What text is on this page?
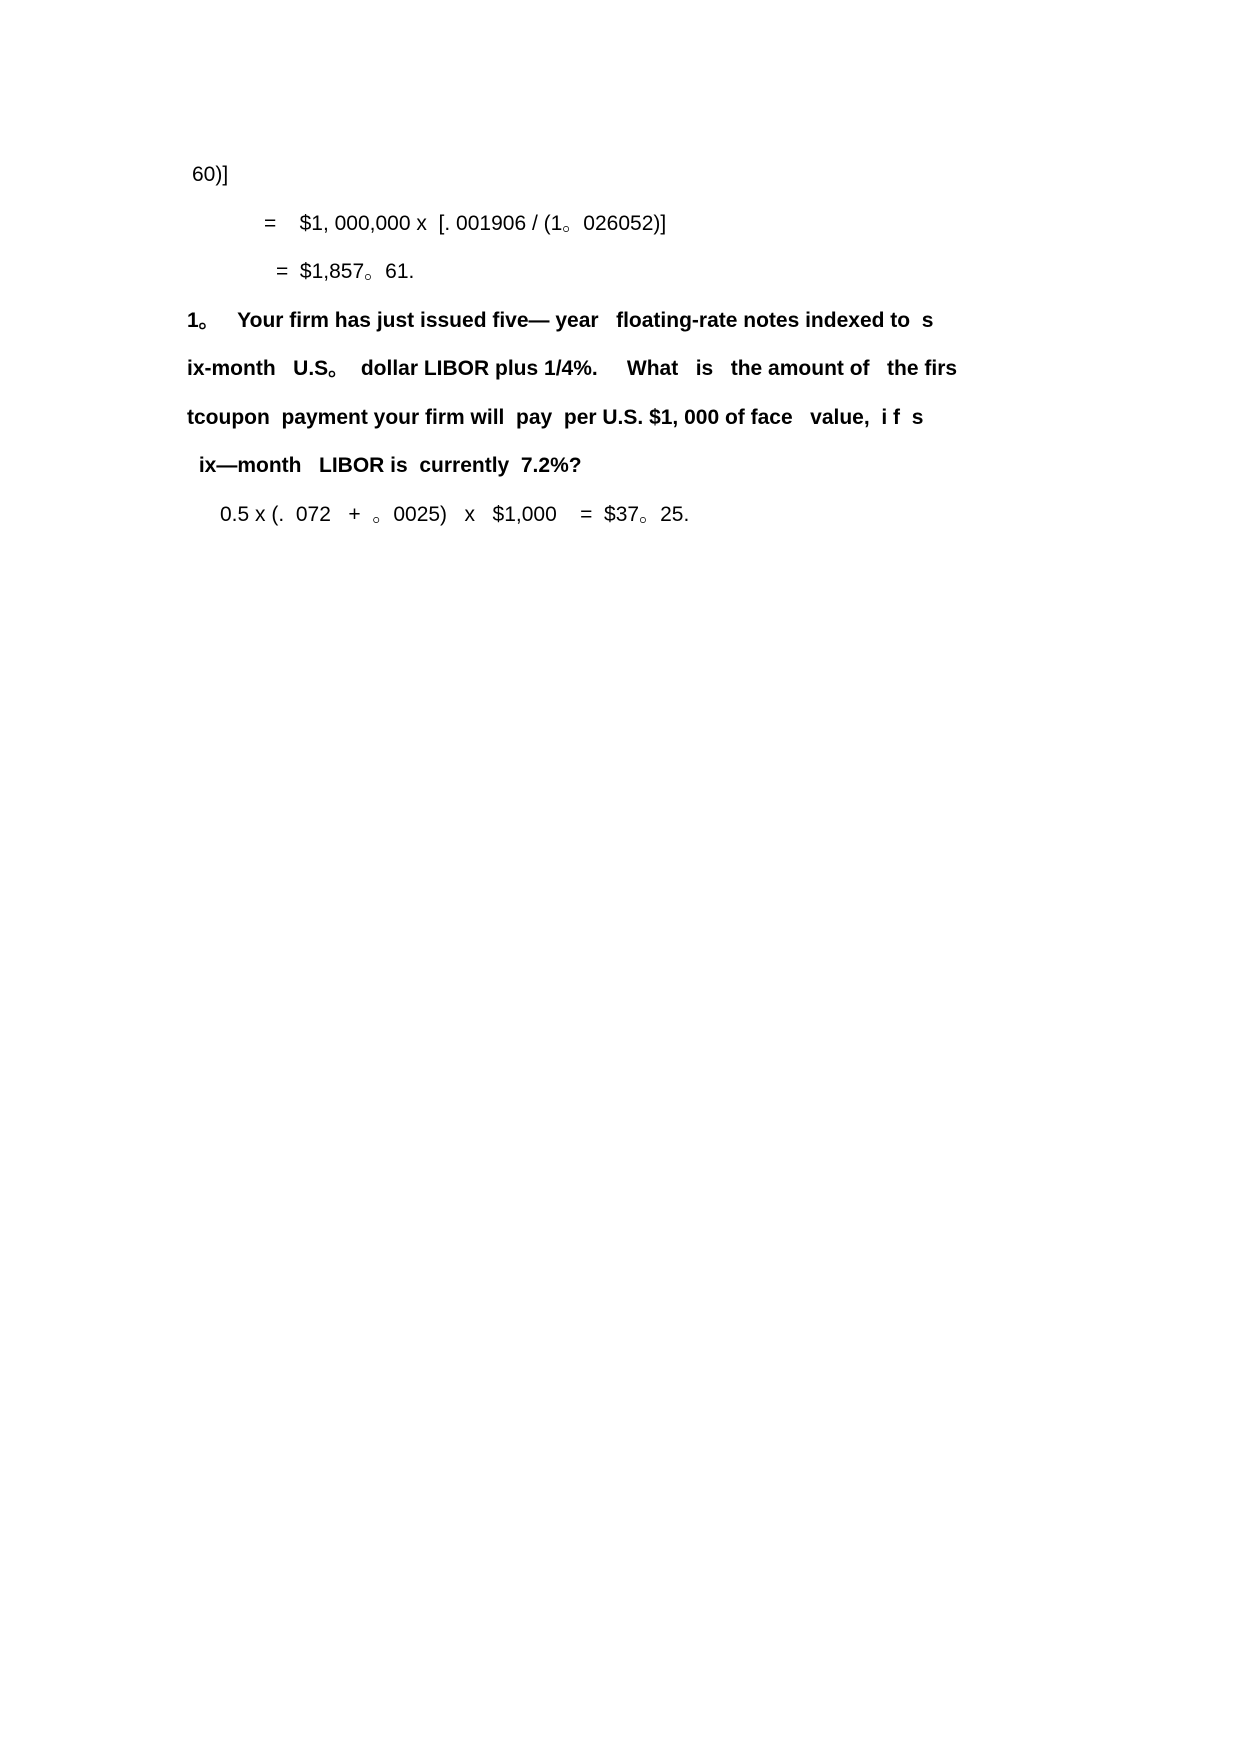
60)]
=    $1, 000,000 x  [. 001906 / (1。026052)]
=  $1,857。61.
1。   Your firm has just issued five— year   floating-rate notes indexed to  s
ix-month   U.S。  dollar LIBOR plus 1/4%.     What   is   the amount of   the firs
tcoupon  payment your firm will  pay  per U.S. $1, 000 of face   value,  i f  s
ix—month   LIBOR is  currently  7.2%?
0.5 x (.  072   +  。0025)   x   $1,000    =  $37。25.
